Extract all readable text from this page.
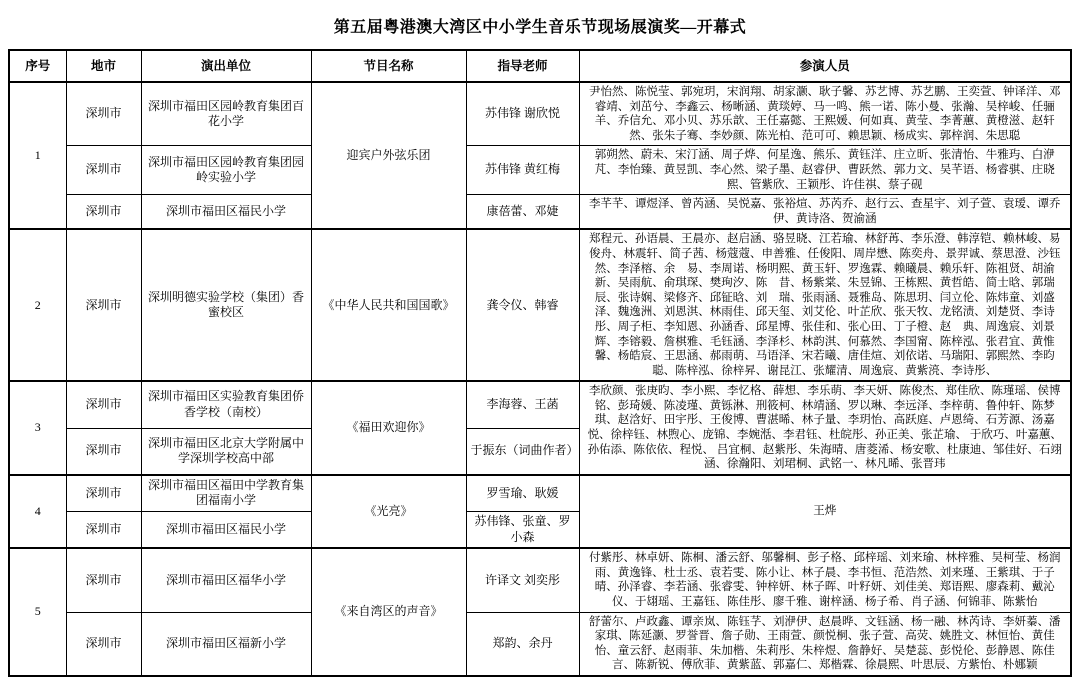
第五届粤港澳大湾区中小学生音乐节现场展演奖—开幕式
序号	地市	演出单位	节目名称	指导老师	参演人员
1	深圳市	深圳市福田区园岭教育集团百花小学	迎宾户外弦乐团	苏伟锋 谢欣悦	尹怡然、陈悦莹、郭宛玥，宋润翔、胡家灏、耿子馨、苏艺博、苏艺鹏、王奕萱、钟译洋、邓睿靖、刘茁兮、李鑫云、杨晰涵、黄琰婷、马一鸣、熊一诺、陈小曼、张瀚、吴梓峻、任骊羊、乔信允、邓小贝、苏乐歆、王任嘉懿、王熙媛、何如真、黄莹、李菁蕙、黄橙滋、赵轩然、张朱子骞、李妙颜、陈光柏、范可可、赖思颖、杨成实、郭梓润、朱思聪
	深圳市	深圳市福田区园岭教育集团园岭实验小学		苏伟锋 黄红梅	郭朔然、蔚未、宋汀涵、周子烨、何星逸、熊乐、黄钰洋、庄立昕、张清怡、牛雅玙、白洢芃、李怡臻、黄昱凯、李心然、梁子墨、赵睿伊、曹跃然、郭力文、吴芊语、杨睿骐、庄晓熙、管紫欣、王颖彤、许佳祺、蔡子砚
	深圳市	深圳市福田区福民小学		康蓓蕾、邓婕	李芊芊、谭煜泽、曾芮涵、吴悦嘉、张裕煊、苏芮乔、赵行云、查星宇、刘子萱、袁瑷、谭乔伊、黄诗洛、贺渝涵
2	深圳市	深圳明德实验学校（集团）香蜜校区	《中华人民共和国国歌》	龚令仪、韩睿	郑程元、孙语晨、王晨亦、赵启涵、骆昱晓、江若瑜、林舒苒、李乐澄、韩淳铠、赖林峻、易俊舟、林震轩、简子茜、杨蔻蔻、申善雅、任俊阳、周岸懋、陈奕舟、景羿诚、蔡思澄、沙钰然、李泽榕、余　易、李周诺、杨明熙、黄玉轩、罗逸霖、赖曦晨、赖乐轩、陈祖贤、胡渝新、吴雨航、俞琪琛、樊珣汐、陈　昔、杨紫棠、朱昱锦、王栋熙、黄哲皓、简士晗、郭瑞辰、张诗娴、梁修齐、邱钲晗、刘　瑞、张雨涵、聂雅岛、陈思玥、闫立伦、陈炜童、刘盛泽、魏逸洲、刘恩淇、林雨佳、邱天玺、刘艾伦、叶芷欣、张天牧、龙铭渍、刘楚贤、李诗彤、周子柜、李知恩、孙涵香、邱星博、张佳和、张心田、丁子橙、赵　典、周逸宸、刘景辉、李镕毅、詹棋雅、毛钰涵、李泽杉、林韵淇、何慕然、李国甯、陈梓泓、张君宜、黄惟馨、杨皓宸、王思涵、郝雨萌、马语泽、宋若曦、唐佳煊、刘依诺、马瑞阳、郭熙然、李昀聪、陈梓泓、徐梓昇、谢昆江、张耀清、周逸宸、黄紫湸、李诗彤、
3	深圳市	深圳市福田区实验教育集团侨香学校（南校）	《福田欢迎你》	李海蓉、王菡	李欣颜、张庚昀、李小熙、李忆格、薛想、李乐萌、李天妍、陈俊杰、郑佳欣、陈瑾瑶、侯博铭、彭琦媛、陈凌瑾、黄铄淋、刑筱柯、林靖涵、罗以琳、李远泽、李梓萌、鲁仲轩、陈梦琪、赵浛好、田宇彤、王俊博、曹湛晞、林子量、李玥怡、高跃庭、卢恩绮、石芳源、汤嘉悦、徐梓钰、林煦心、庞锦、李婉湉、李君钰、杜皖彤、孙正美、张芷瑜、 于欣巧、叶嘉蕙、孙佑添、陈依依、程悦、 吕宜桐、赵紫彤、朱海晴、唐菱浠、杨安歌、杜康迪、邹佳好、石翊涵、徐瀚阳、刘珺桐、武铭一、林凡晞、张晋玮
	深圳市	深圳市福田区北京大学附属中学深圳学校高中部		于振东（词曲作者）	
4	深圳市	深圳市福田区福田中学教育集团福南小学	《光亮》	罗雪瑜、耿媛	王烨
	深圳市	深圳市福田区福民小学		苏伟锋、张童、罗小森	
5	深圳市	深圳市福田区福华小学	《来自湾区的声音》	许译文 刘奕彤	付紫彤、林卓妍、陈桐、潘云舒、邬馨桐、彭子格、邱梓瑶、刘来瑜、林梓雅、吴柯莹、杨润雨、黄逸锋、杜士丞、袁若雯、陈小让、林子晨、李书恒、范浩然、刘来瑾、王紫琪、于子晴、孙泽睿、李若涵、张睿雯、钟梓妍、林子晖、叶籽妍、刘佳美、郑语熙、廖森莉、戴沁仪、于翃瑶、王嘉钰、陈佳彤、廖千雅、谢梓涵、杨子希、肖子涵、何锦菲、陈紫怡
	深圳市	深圳市福田区福新小学		郑韵、余丹	舒蕾尔、卢政鑫、谭亲岚、陈钰芓、刘洢伊、赵晨晔、文钰涵、杨一融、林芮诗、李妍蓁、潘家琪、陈延灏、罗誉晋、詹子勋、王雨萱、颜悦桐、张子萱、高荧、姚胜文、林恒怡、黄佳怡、童云舒、赵雨菲、朱加楷、朱莉彤、朱梓煜、詹静好、吴楚蕊、彭悦伦、彭静恩、陈佳言、陈新锐、傅欣菲、黄紫蓝、郭嘉仁、郑楷霖、徐晨熙、叶思辰、方紫怡、朴娜颖
